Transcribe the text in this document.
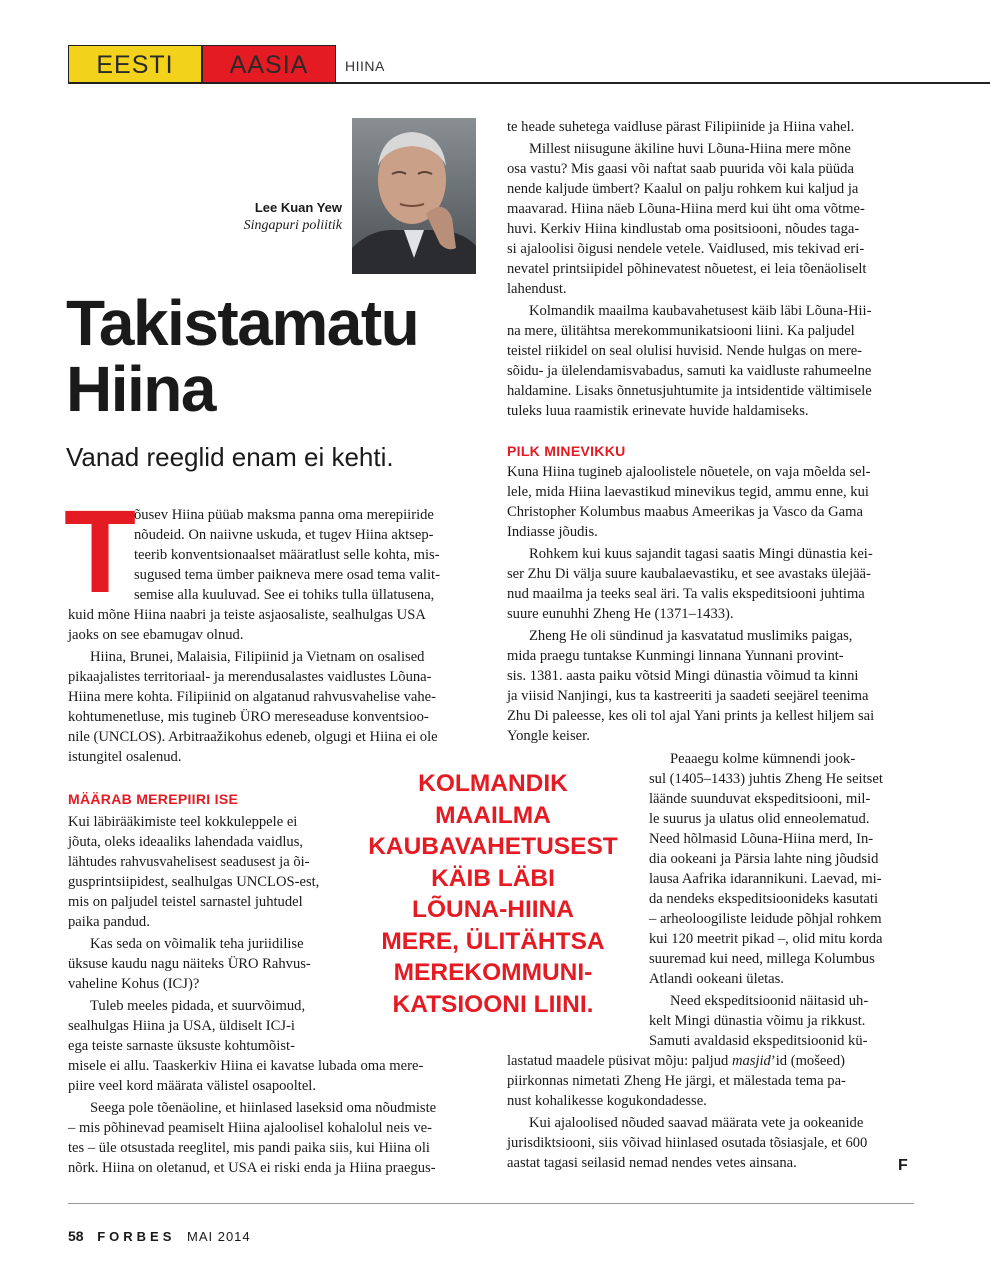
EESTI	AASIA	HIINA
Lee Kuan Yew
Singapuri poliitik
Takistamatu
Hiina
Vanad reeglid enam ei kehti.
T
õusev Hiina püüab maksma panna oma merepiiride
nõudeid. On naiivne uskuda, et tugev Hiina aktsep-
teerib konventsionaalset määratlust selle kohta, mis-
sugused tema ümber paikneva mere osad tema valit-
semise alla kuuluvad. See ei tohiks tulla üllatusena,
kuid mõne Hiina naabri ja teiste asjaosaliste, sealhulgas USA
jaoks on see ebamugav olnud.
Hiina, Brunei, Malaisia, Filipiinid ja Vietnam on osalised
pikaajalistes territoriaal- ja merendusalastes vaidlustes Lõuna-
Hiina mere kohta. Filipiinid on algatanud rahvusvahelise vahe-
kohtumenetluse, mis tugineb ÜRO mereseaduse konventsioo-
nile (UNCLOS). Arbitraažikohus edeneb, olgugi et Hiina ei ole
istungitel osalenud.
MÄÄRAB MEREPIIRI ISE
Kui läbirääkimiste teel kokkuleppele ei
jõuta, oleks ideaaliks lahendada vaidlus,
lähtudes rahvusvahelisest seadusest ja õi-
gusprintsiipidest, sealhulgas UNCLOS-est,
mis on paljudel teistel sarnastel juhtudel
paika pandud.
Kas seda on võimalik teha juriidilise
üksuse kaudu nagu näiteks ÜRO Rahvus-
vaheline Kohus (ICJ)?
Tuleb meeles pidada, et suurvõimud,
sealhulgas Hiina ja USA, üldiselt ICJ-i
ega teiste sarnaste üksuste kohtumõist-
misele ei allu. Taaskerkiv Hiina ei kavatse lubada oma mere-
piire veel kord määrata välistel osapooltel.
Seega pole tõenäoline, et hiinlased laseksid oma nõudmiste
– mis põhinevad peamiselt Hiina ajaloolisel kohalolul neis ve-
tes – üle otsustada reeglitel, mis pandi paika siis, kui Hiina oli
nõrk. Hiina on oletanud, et USA ei riski enda ja Hiina praegus-
te heade suhetega vaidluse pärast Filipiinide ja Hiina vahel.
Millest niisugune äkiline huvi Lõuna-Hiina mere mõne
osa vastu? Mis gaasi või naftat saab puurida või kala püüda
nende kaljude ümbert? Kaalul on palju rohkem kui kaljud ja
maavarad. Hiina näeb Lõuna-Hiina merd kui üht oma võtme-
huvi. Kerkiv Hiina kindlustab oma positsiooni, nõudes taga-
si ajaloolisi õigusi nendele vetele. Vaidlused, mis tekivad eri-
nevatel printsiipidel põhinevatest nõuetest, ei leia tõenäoliselt
lahendust.
Kolmandik maailma kaubavahetusest käib läbi Lõuna-Hii-
na mere, ülitähtsa merekommunikatsiooni liini. Ka paljudel
teistel riikidel on seal olulisi huvisid. Nende hulgas on mere-
sõidu- ja ülelendamisvabadus, samuti ka vaidluste rahumeelne
haldamine. Lisaks õnnetusjuhtumite ja intsidentide vältimisele
tuleks luua raamistik erinevate huvide haldamiseks.
PILK MINEVIKKU
Kuna Hiina tugineb ajaloolistele nõuetele, on vaja mõelda sel-
lele, mida Hiina laevastikud minevikus tegid, ammu enne, kui
Christopher Kolumbus maabus Ameerikas ja Vasco da Gama
Indiasse jõudis.
Rohkem kui kuus sajandit tagasi saatis Mingi dünastia kei-
ser Zhu Di välja suure kaubalaevastiku, et see avastaks ülejää-
nud maailma ja teeks seal äri. Ta valis ekspeditsiooni juhtima
suure eunuhhi Zheng He (1371–1433).
Zheng He oli sündinud ja kasvatatud muslimiks paigas,
mida praegu tuntakse Kunmingi linnana Yunnani provint-
sis. 1381. aasta paiku võtsid Mingi dünastia võimud ta kinni
ja viisid Nanjingi, kus ta kastreeriti ja saadeti seejärel teenima
Zhu Di paleesse, kes oli tol ajal Yani prints ja kellest hiljem sai
Yongle keiser.
Peaaegu kolme kümnendi jook-
sul (1405–1433) juhtis Zheng He seitset
läände suunduvat ekspeditsiooni, mil-
le suurus ja ulatus olid enneolematud.
Need hõlmasid Lõuna-Hiina merd, In-
dia ookeani ja Pärsia lahte ning jõudsid
lausa Aafrika idarannikuni. Laevad, mi-
da nendeks ekspeditsioonideks kasutati
– arheoloogiliste leidude põhjal rohkem
kui 120 meetrit pikad –, olid mitu korda
suuremad kui need, millega Kolumbus
Atlandi ookeani ületas.
Need ekspeditsioonid näitasid uh-
kelt Mingi dünastia võimu ja rikkust.
Samuti avaldasid ekspeditsioonid kü-
lastatud maadele püsivat mõju: paljud masjid’id (mošeed)
piirkonnas nimetati Zheng He järgi, et mälestada tema pa-
nust kohalikesse kogukondadesse.
Kui ajaloolised nõuded saavad määrata vete ja ookeanide
jurisdiktsiooni, siis võivad hiinlased osutada tõsiasjale, et 600
aastat tagasi seilasid nemad nendes vetes ainsana.	F
KOLMANDIK
MAAILMA
KAUBAVAHETUSEST
KÄIB LÄBI
LÕUNA-HIINA
MERE, ÜLITÄHTSA
MEREKOMMUNI-
KATSIOONI LIINI.
58 FORBES MAI 2014
